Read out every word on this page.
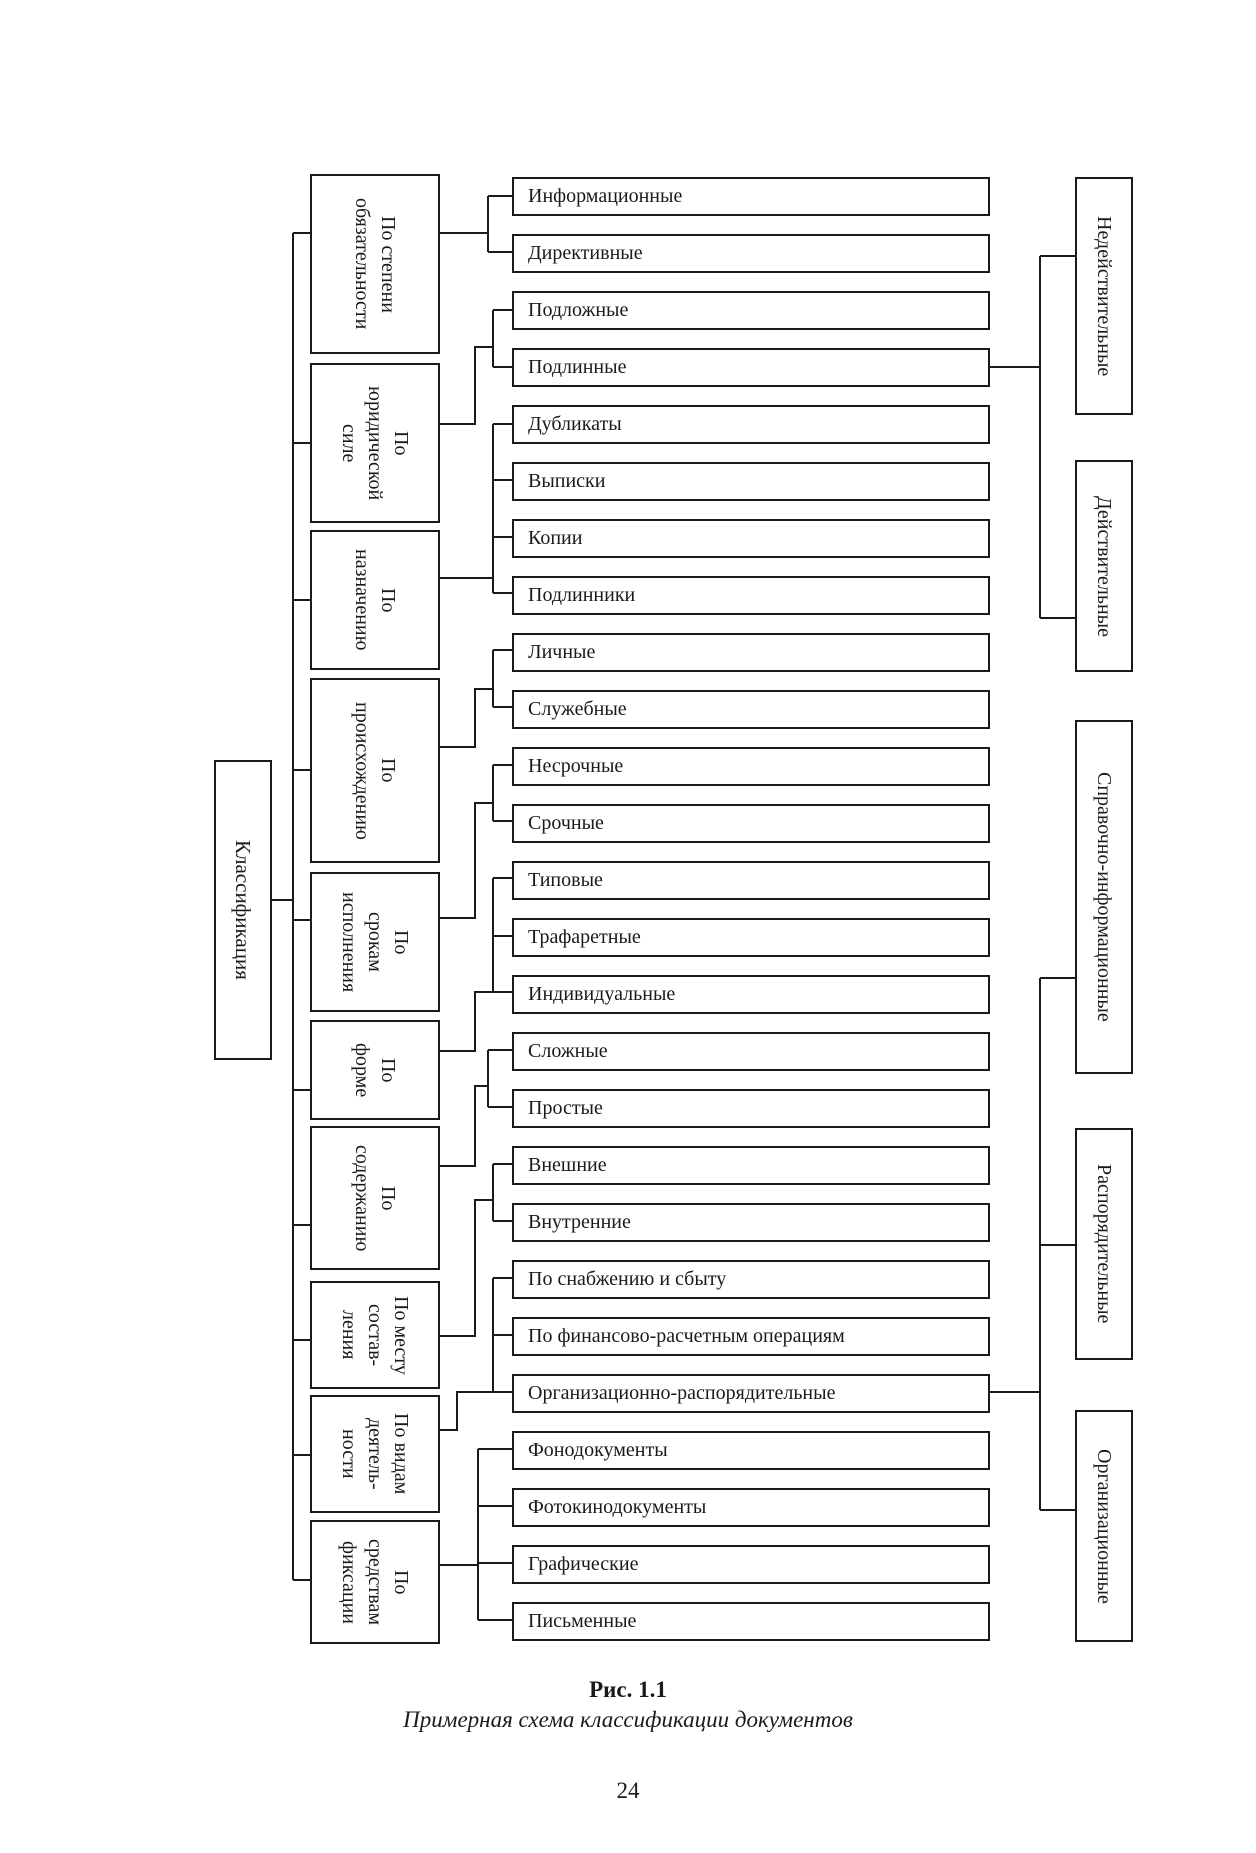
Классификация
По степени
обязательности
По
юридической
силе
По
назначению
По
происхождению
По
срокам
исполнения
По
форме
По
содержанию
По месту
состав-
ления
По видам
деятель-
ности
По
средствам
фиксации
Информационные
Директивные
Подложные
Подлинные
Дубликаты
Выписки
Копии
Подлинники
Личные
Служебные
Несрочные
Срочные
Типовые
Трафаретные
Индивидуальные
Сложные
Простые
Внешние
Внутренние
По снабжению и сбыту
По финансово-расчетным операциям
Организационно-распорядительные
Фонодокументы
Фотокинодокументы
Графические
Письменные
Недействительные
Действительные
Справочно-информационные
Распорядительные
Организационные
Рис. 1.1
Примерная схема классификации документов
24
